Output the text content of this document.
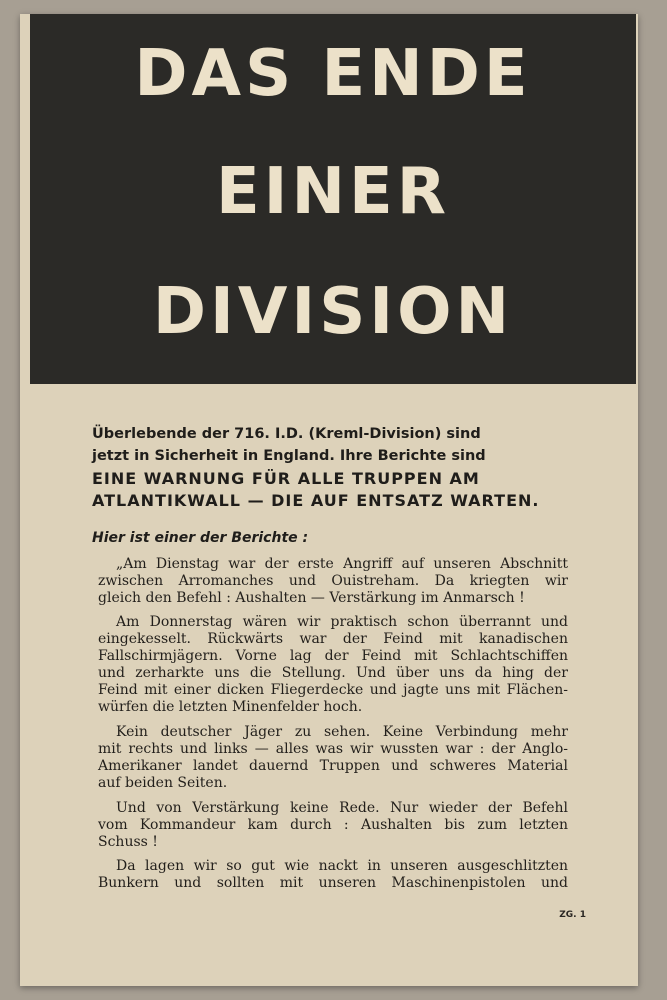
DAS ENDE
EINER
DIVISION
Überlebende der 716. I.D. (Kreml-Division) sind
jetzt in Sicherheit in England. Ihre Berichte sind
EINE WARNUNG FÜR ALLE TRUPPEN AM
ATLANTIKWALL — DIE AUF ENTSATZ WARTEN.
Hier ist einer der Berichte :
„Am Dienstag war der erste Angriff auf unseren Abschnitt
zwischen Arromanches und Ouistreham. Da kriegten wir
gleich den Befehl : Aushalten — Verstärkung im Anmarsch !
Am Donnerstag wären wir praktisch schon überrannt und
eingekesselt. Rückwärts war der Feind mit kanadischen
Fallschirmjägern. Vorne lag der Feind mit Schlachtschiffen
und zerharkte uns die Stellung. Und über uns da hing der
Feind mit einer dicken Fliegerdecke und jagte uns mit Flächen-
würfen die letzten Minenfelder hoch.
Kein deutscher Jäger zu sehen. Keine Verbindung mehr
mit rechts und links — alles was wir wussten war : der Anglo-
Amerikaner landet dauernd Truppen und schweres Material
auf beiden Seiten.
Und von Verstärkung keine Rede. Nur wieder der Befehl
vom Kommandeur kam durch : Aushalten bis zum letzten
Schuss !
Da lagen wir so gut wie nackt in unseren ausgeschlitzten
Bunkern und sollten mit unseren Maschinenpistolen und
ZG. 1
